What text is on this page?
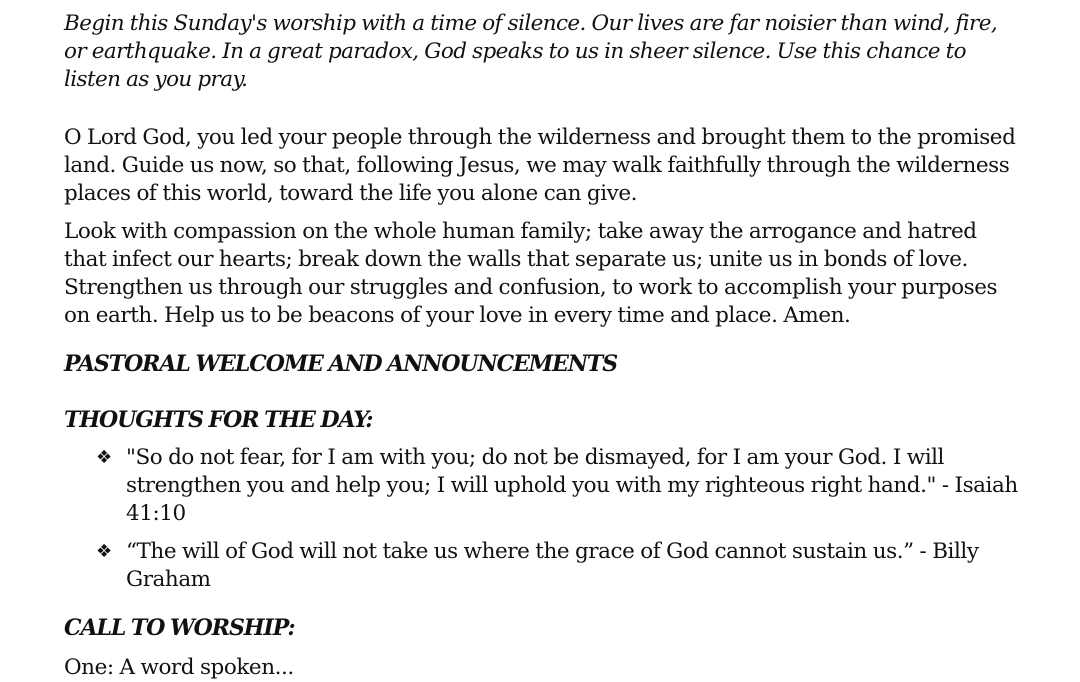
Begin this Sunday's worship with a time of silence. Our lives are far noisier than wind, fire, or earthquake. In a great paradox, God speaks to us in sheer silence. Use this chance to listen as you pray.

O Lord God, you led your people through the wilderness and brought them to the promised land. Guide us now, so that, following Jesus, we may walk faithfully through the wilderness places of this world, toward the life you alone can give.

Look with compassion on the whole human family; take away the arrogance and hatred that infect our hearts; break down the walls that separate us; unite us in bonds of love. Strengthen us through our struggles and confusion, to work to accomplish your purposes on earth. Help us to be beacons of your love in every time and place. Amen.

PASTORAL WELCOME AND ANNOUNCEMENTS

THOUGHTS FOR THE DAY:

❖ "So do not fear, for I am with you; do not be dismayed, for I am your God. I will strengthen you and help you; I will uphold you with my righteous right hand." - Isaiah 41:10
❖ “The will of God will not take us where the grace of God cannot sustain us.” - Billy Graham

CALL TO WORSHIP:

One: A word spoken...
